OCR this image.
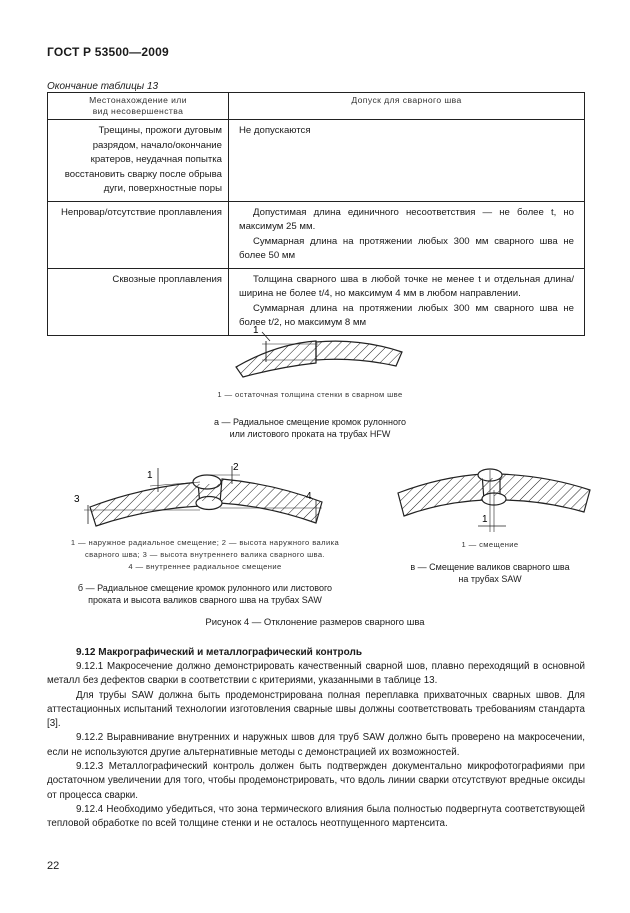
ГОСТ Р 53500—2009
Окончание таблицы 13
Местонахождение или
вид несовершенства	Допуск для сварного шва
Трещины, прожоги дуговым разрядом, начало/окончание кратеров, неудачная попытка восстановить сварку после обрыва дуги, поверхностные поры	Не допускаются

Непровар/отсутствие проплавления	Допустимая длина единичного несоответствия — не более t, но максимум 25 мм.
Суммарная длина на протяжении любых 300 мм сварного шва не более 50 мм

Сквозные проплавления	Толщина сварного шва в любой точке не менее t и отдельная длина/ширина не более t/4, но максимум 4 мм в любом направлении.
Суммарная длина на протяжении любых 300 мм сварного шва не более t/2, но максимум 8 мм
1
1
2
3	4
1
1 — остаточная толщина стенки в сварном шве
а — Радиальное смещение кромок рулонного
или листового проката на трубах HFW
1 — наружное радиальное смещение; 2 — высота наружного валика
сварного шва; 3 — высота внутреннего валика сварного шва.
4 — внутреннее радиальное смещение
б — Радиальное смещение кромок рулонного или листового
проката и высота валиков сварного шва на трубах SAW
1 — смещение
в — Смещение валиков сварного шва
на трубах SAW
Рисунок 4 — Отклонение размеров сварного шва
9.12 Макрографический и металлографический контроль

9.12.1 Макросечение должно демонстрировать качественный сварной шов, плавно переходящий в основной металл без дефектов сварки в соответствии с критериями, указанными в таблице 13.

Для трубы SAW должна быть продемонстрирована полная переплавка прихваточных сварных швов. Для аттестационных испытаний технологии изготовления сварные швы должны соответствовать требованиям стандарта [3].

9.12.2 Выравнивание внутренних и наружных швов для труб SAW должно быть проверено на макросечении, если не используются другие альтернативные методы с демонстрацией их возможностей.

9.12.3 Металлографический контроль должен быть подтвержден документально микрофотографиями при достаточном увеличении для того, чтобы продемонстрировать, что вдоль линии сварки отсутствуют вредные оксиды от процесса сварки.

9.12.4 Необходимо убедиться, что зона термического влияния была полностью подвергнута соответствующей тепловой обработке по всей толщине стенки и не осталось неотпущенного мартенсита.

22
